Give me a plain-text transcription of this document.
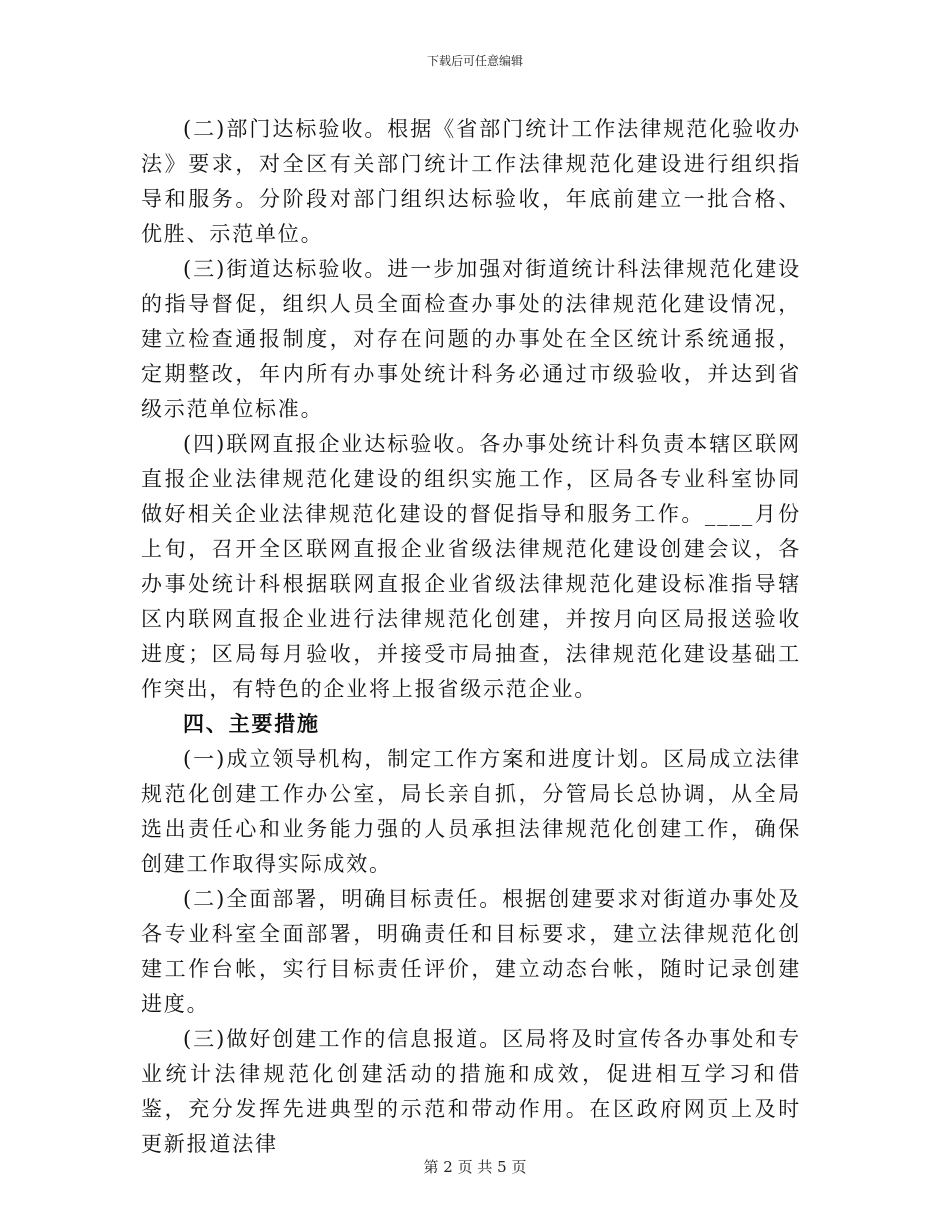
下载后可任意编辑

(二)部门达标验收。根据《省部门统计工作法律规范化验收办法》要求，对全区有关部门统计工作法律规范化建设进行组织指导和服务。分阶段对部门组织达标验收，年底前建立一批合格、优胜、示范单位。

(三)街道达标验收。进一步加强对街道统计科法律规范化建设的指导督促，组织人员全面检查办事处的法律规范化建设情况，建立检查通报制度，对存在问题的办事处在全区统计系统通报，定期整改，年内所有办事处统计科务必通过市级验收，并达到省级示范单位标准。

(四)联网直报企业达标验收。各办事处统计科负责本辖区联网直报企业法律规范化建设的组织实施工作，区局各专业科室协同做好相关企业法律规范化建设的督促指导和服务工作。____月份上旬，召开全区联网直报企业省级法律规范化建设创建会议，各办事处统计科根据联网直报企业省级法律规范化建设标准指导辖区内联网直报企业进行法律规范化创建，并按月向区局报送验收进度；区局每月验收，并接受市局抽查，法律规范化建设基础工作突出，有特色的企业将上报省级示范企业。

四、主要措施

(一)成立领导机构，制定工作方案和进度计划。区局成立法律规范化创建工作办公室，局长亲自抓，分管局长总协调，从全局选出责任心和业务能力强的人员承担法律规范化创建工作，确保创建工作取得实际成效。

(二)全面部署，明确目标责任。根据创建要求对街道办事处及各专业科室全面部署，明确责任和目标要求，建立法律规范化创建工作台帐，实行目标责任评价，建立动态台帐，随时记录创建进度。

(三)做好创建工作的信息报道。区局将及时宣传各办事处和专业统计法律规范化创建活动的措施和成效，促进相互学习和借鉴，充分发挥先进典型的示范和带动作用。在区政府网页上及时更新报道法律

第 2 页 共 5 页
